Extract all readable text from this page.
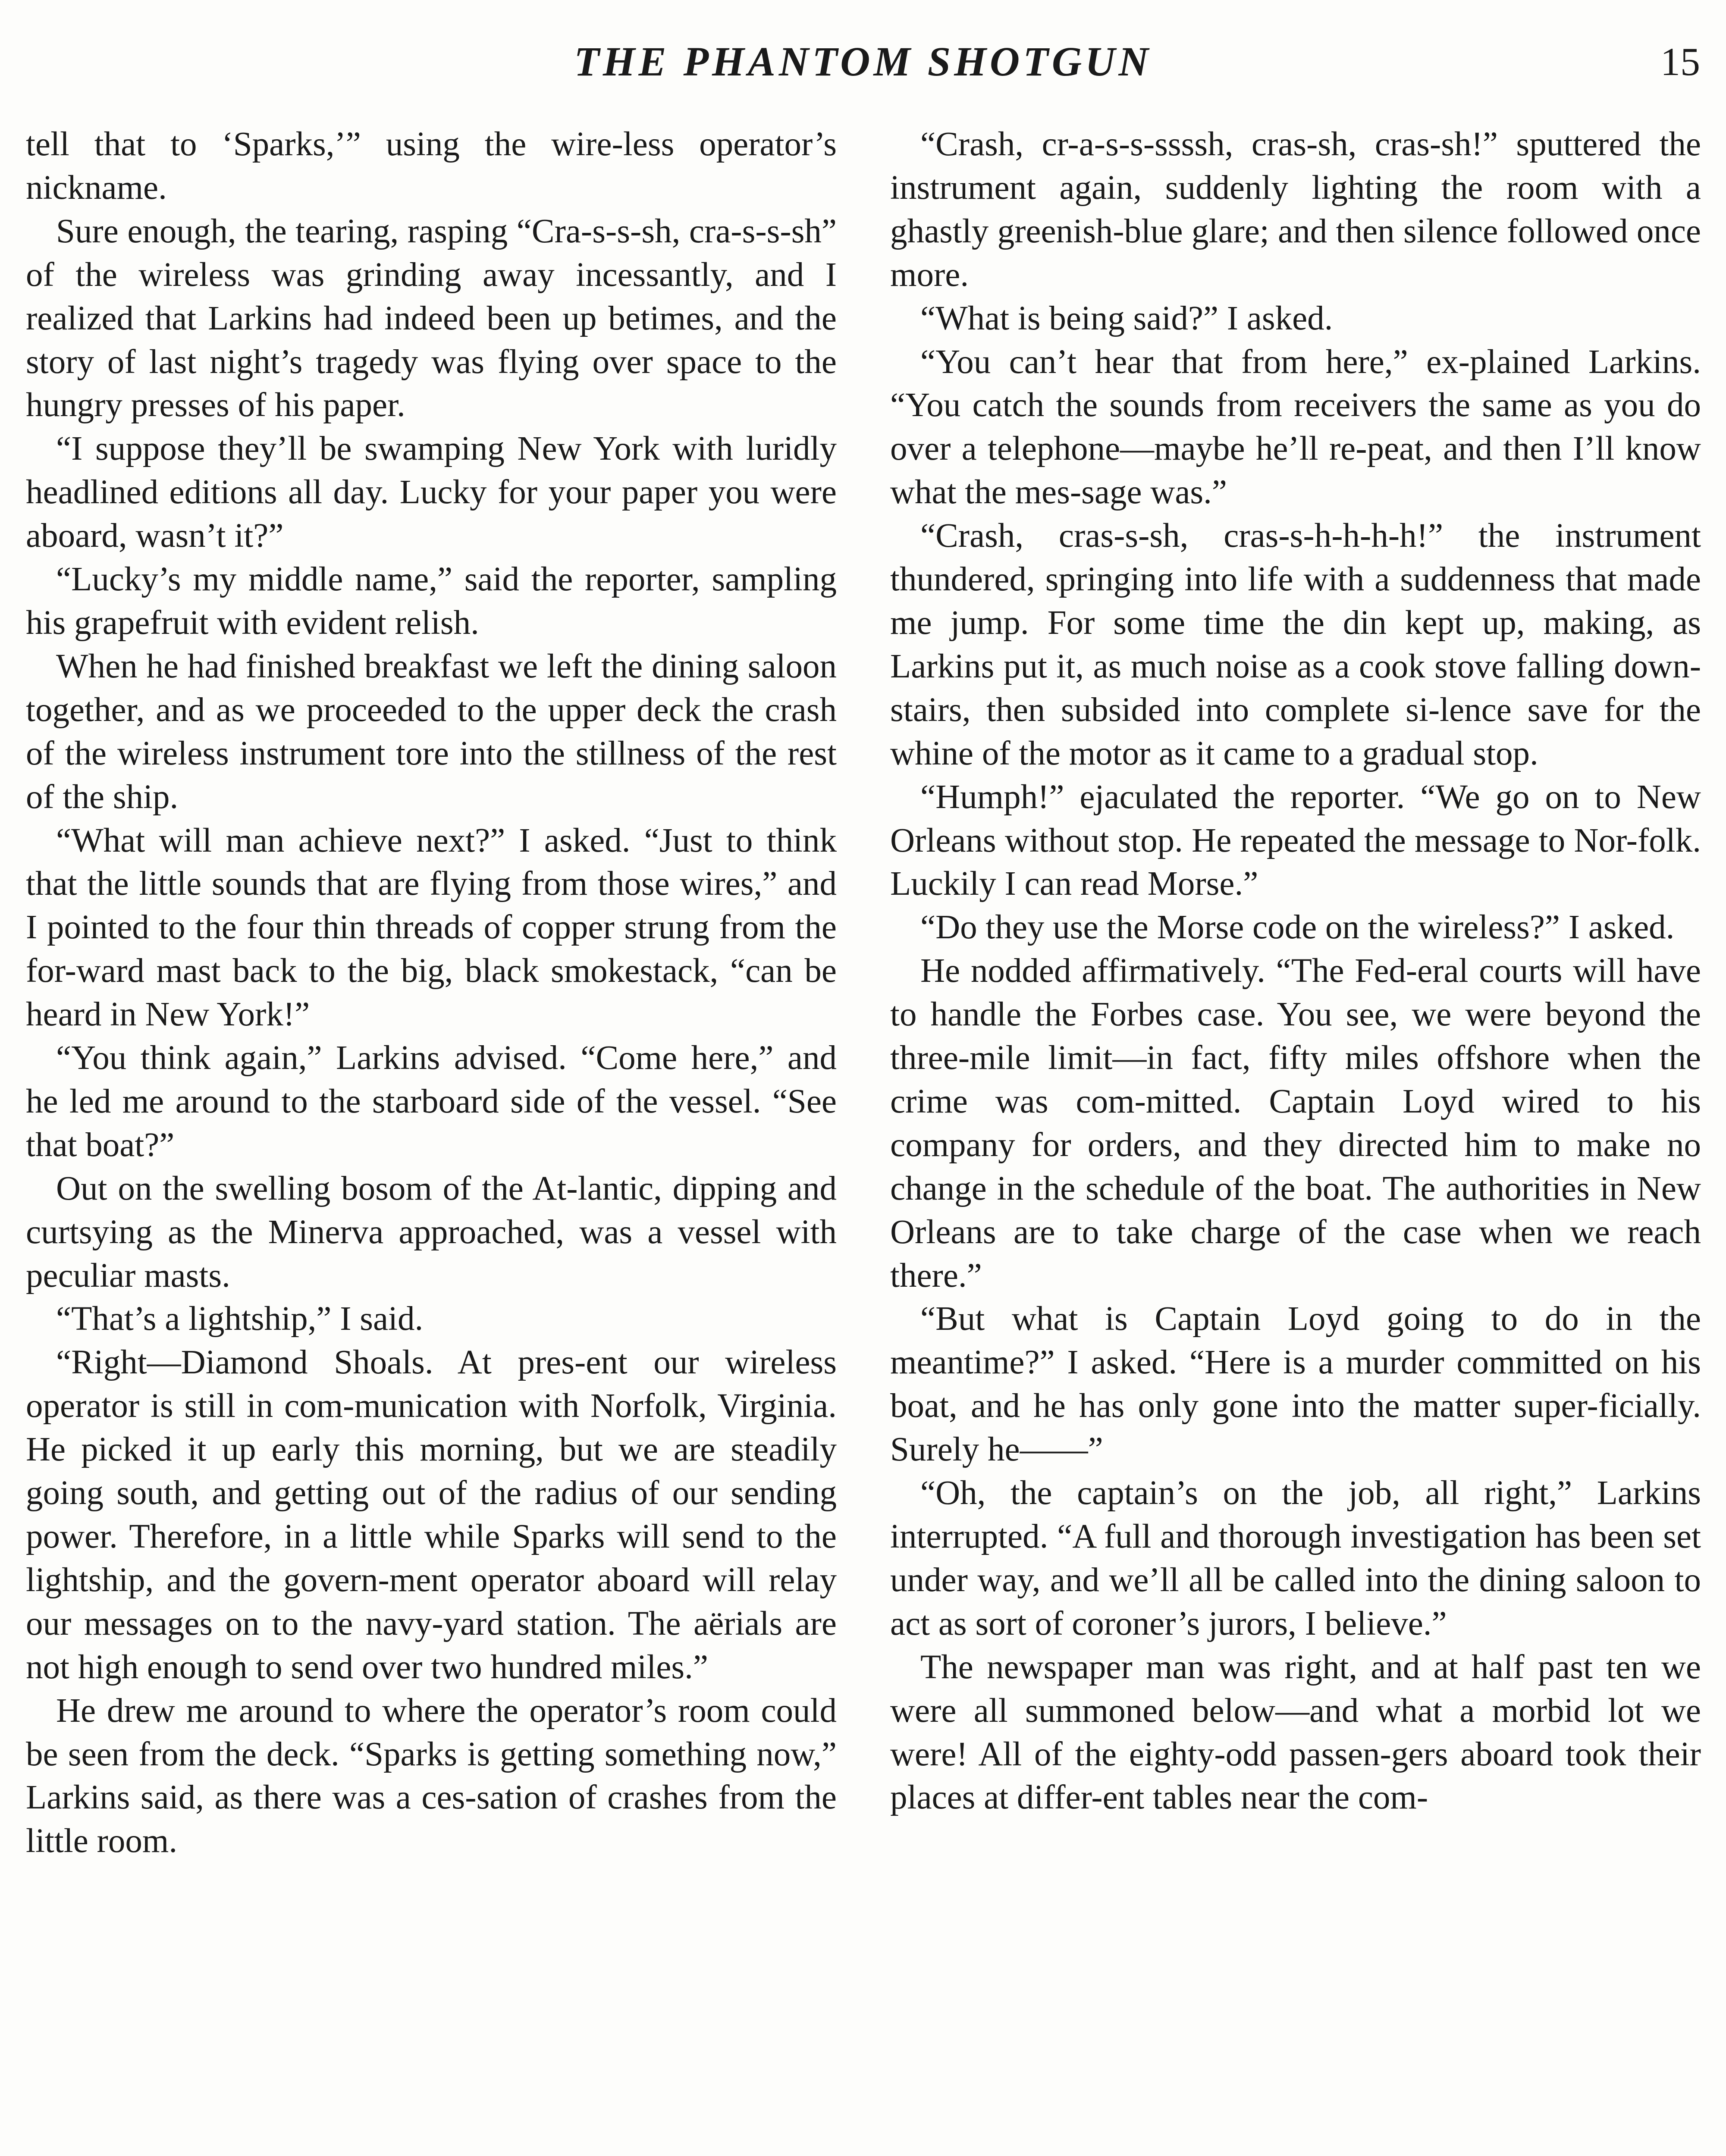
THE PHANTOM SHOTGUN	15

tell that to ‘Sparks,’” using the wire-less operator’s nickname.

Sure enough, the tearing, rasping “Cra-s-s-sh, cra-s-s-sh” of the wireless was grinding away incessantly, and I realized that Larkins had indeed been up betimes, and the story of last night’s tragedy was flying over space to the hungry presses of his paper.

“I suppose they’ll be swamping New York with luridly headlined editions all day. Lucky for your paper you were aboard, wasn’t it?”

“Lucky’s my middle name,” said the reporter, sampling his grapefruit with evident relish.

When he had finished breakfast we left the dining saloon together, and as we proceeded to the upper deck the crash of the wireless instrument tore into the stillness of the rest of the ship.

“What will man achieve next?” I asked. “Just to think that the little sounds that are flying from those wires,” and I pointed to the four thin threads of copper strung from the for-ward mast back to the big, black smokestack, “can be heard in New York!”

“You think again,” Larkins advised. “Come here,” and he led me around to the starboard side of the vessel. “See that boat?”

Out on the swelling bosom of the At-lantic, dipping and curtsying as the Minerva approached, was a vessel with peculiar masts.

“That’s a lightship,” I said.

“Right—Diamond Shoals. At pres-ent our wireless operator is still in com-munication with Norfolk, Virginia. He picked it up early this morning, but we are steadily going south, and getting out of the radius of our sending power. Therefore, in a little while Sparks will send to the lightship, and the govern-ment operator aboard will relay our messages on to the navy-yard station. The aërials are not high enough to send over two hundred miles.”

He drew me around to where the operator’s room could be seen from the deck. “Sparks is getting something now,” Larkins said, as there was a ces-sation of crashes from the little room.

“Crash, cr-a-s-s-ssssh, cras-sh, cras-sh!” sputtered the instrument again, suddenly lighting the room with a ghastly greenish-blue glare; and then silence followed once more.

“What is being said?” I asked.

“You can’t hear that from here,” ex-plained Larkins. “You catch the sounds from receivers the same as you do over a telephone—maybe he’ll re-peat, and then I’ll know what the mes-sage was.”

“Crash, cras-s-sh, cras-s-h-h-h-h!” the instrument thundered, springing into life with a suddenness that made me jump. For some time the din kept up, making, as Larkins put it, as much noise as a cook stove falling down-stairs, then subsided into complete si-lence save for the whine of the motor as it came to a gradual stop.

“Humph!” ejaculated the reporter. “We go on to New Orleans without stop. He repeated the message to Nor-folk. Luckily I can read Morse.”

“Do they use the Morse code on the wireless?” I asked.

He nodded affirmatively. “The Fed-eral courts will have to handle the Forbes case. You see, we were beyond the three-mile limit—in fact, fifty miles offshore when the crime was com-mitted. Captain Loyd wired to his company for orders, and they directed him to make no change in the schedule of the boat. The authorities in New Orleans are to take charge of the case when we reach there.”

“But what is Captain Loyd going to do in the meantime?” I asked. “Here is a murder committed on his boat, and he has only gone into the matter super-ficially. Surely he——”

“Oh, the captain’s on the job, all right,” Larkins interrupted. “A full and thorough investigation has been set under way, and we’ll all be called into the dining saloon to act as sort of coroner’s jurors, I believe.”

The newspaper man was right, and at half past ten we were all summoned below—and what a morbid lot we were! All of the eighty-odd passen-gers aboard took their places at differ-ent tables near the com-
